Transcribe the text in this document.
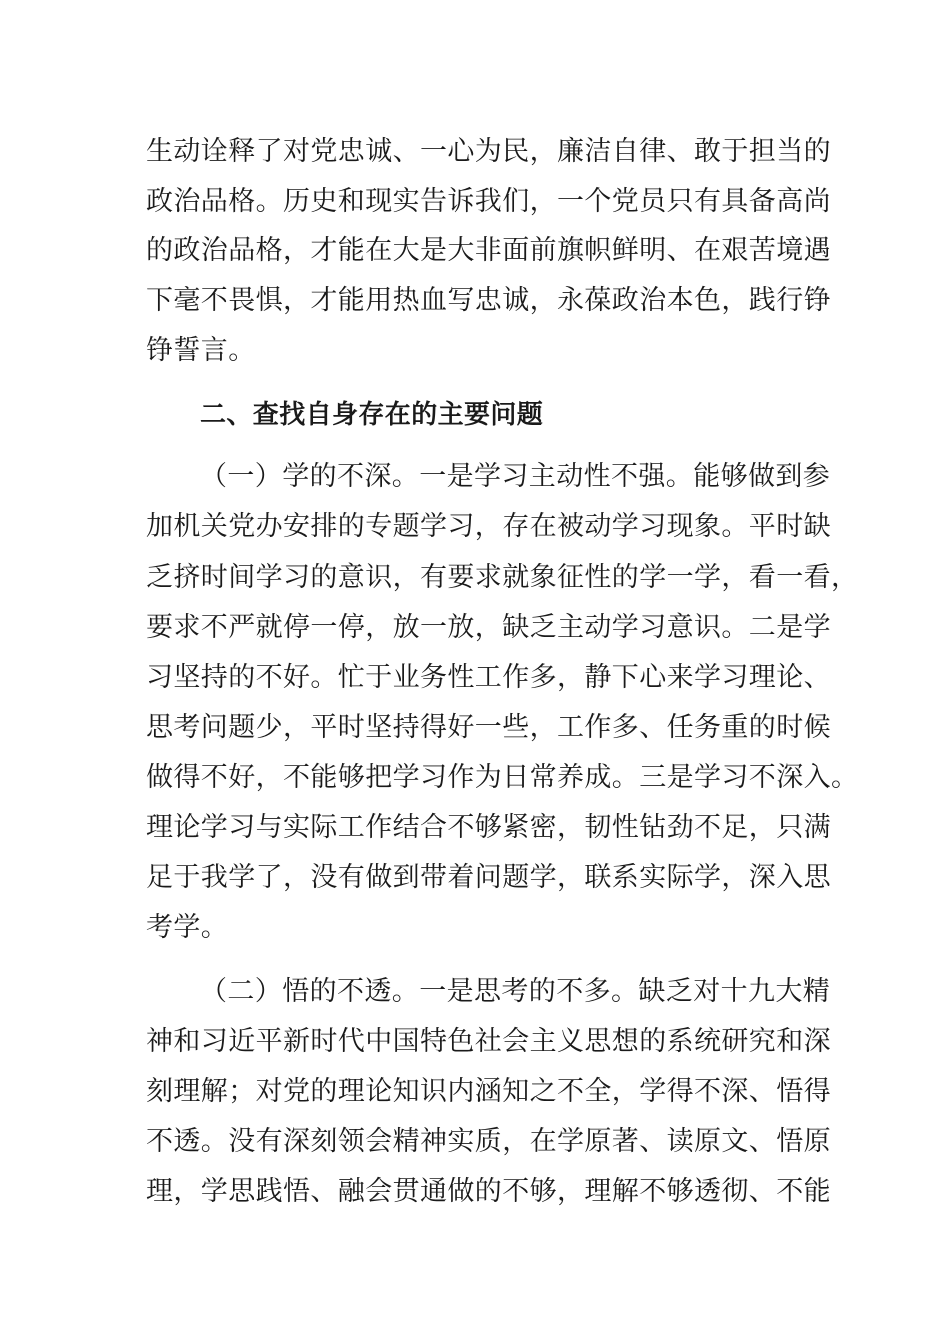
生动诠释了对党忠诚、一心为民，廉洁自律、敢于担当的
政治品格。历史和现实告诉我们，一个党员只有具备高尚
的政治品格，才能在大是大非面前旗帜鲜明、在艰苦境遇
下毫不畏惧，才能用热血写忠诚，永葆政治本色，践行铮
铮誓言。
二、查找自身存在的主要问题
（一）学的不深。一是学习主动性不强。能够做到参
加机关党办安排的专题学习，存在被动学习现象。平时缺
乏挤时间学习的意识，有要求就象征性的学一学，看一看，
要求不严就停一停，放一放，缺乏主动学习意识。二是学
习坚持的不好。忙于业务性工作多，静下心来学习理论、
思考问题少，平时坚持得好一些，工作多、任务重的时候
做得不好，不能够把学习作为日常养成。三是学习不深入。
理论学习与实际工作结合不够紧密，韧性钻劲不足，只满
足于我学了，没有做到带着问题学，联系实际学，深入思
考学。
（二）悟的不透。一是思考的不多。缺乏对十九大精
神和习近平新时代中国特色社会主义思想的系统研究和深
刻理解；对党的理论知识内涵知之不全，学得不深、悟得
不透。没有深刻领会精神实质，在学原著、读原文、悟原
理，学思践悟、融会贯通做的不够，理解不够透彻、不能
